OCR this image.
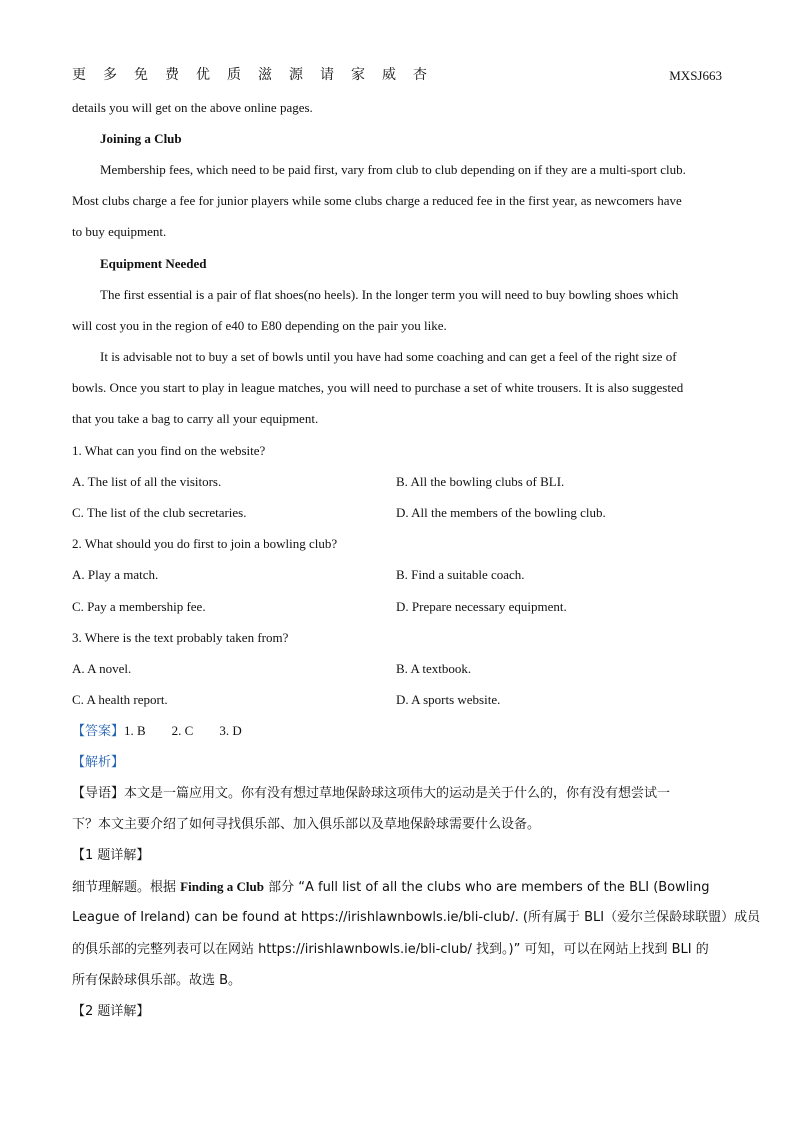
更多免费优质滋源请家威杏	MXSJ663
details you will get on the above online pages.
Joining a Club
Membership fees, which need to be paid first, vary from club to club depending on if they are a multi-sport club.
Most clubs charge a fee for junior players while some clubs charge a reduced fee in the first year, as newcomers have
to buy equipment.
Equipment Needed
The first essential is a pair of flat shoes(no heels). In the longer term you will need to buy bowling shoes which
will cost you in the region of e40 to E80 depending on the pair you like.
It is advisable not to buy a set of bowls until you have had some coaching and can get a feel of the right size of
bowls. Once you start to play in league matches, you will need to purchase a set of white trousers. It is also suggested
that you take a bag to carry all your equipment.
1. What can you find on the website?
A. The list of all the visitors.	B. All the bowling clubs of BLI.
C. The list of the club secretaries.	D. All the members of the bowling club.
2. What should you do first to join a bowling club?
A. Play a match.	B. Find a suitable coach.
C. Pay a membership fee.	D. Prepare necessary equipment.
3. Where is the text probably taken from?
A. A novel.	B. A textbook.
C. A health report.	D. A sports website.
【答案】1. B        2. C        3. D
【解析】
【导语】本文是一篇应用文。你有没有想过草地保龄球这项伟大的运动是关于什么的，你有没有想尝试一
下？本文主要介绍了如何寻找俱乐部、加入俱乐部以及草地保龄球需要什么设备。
【1 题详解】
细节理解题。根据 Finding a Club 部分 “A full list of all the clubs who are members of the BLI (Bowling
League of Ireland) can be found at https://irishlawnbowls.ie/bli-club/. (所有属于 BLI（爱尔兰保龄球联盟）成员
的俱乐部的完整列表可以在网站 https://irishlawnbowls.ie/bli-club/ 找到。)” 可知，可以在网站上找到 BLI 的
所有保龄球俱乐部。故选 B。
【2 题详解】
